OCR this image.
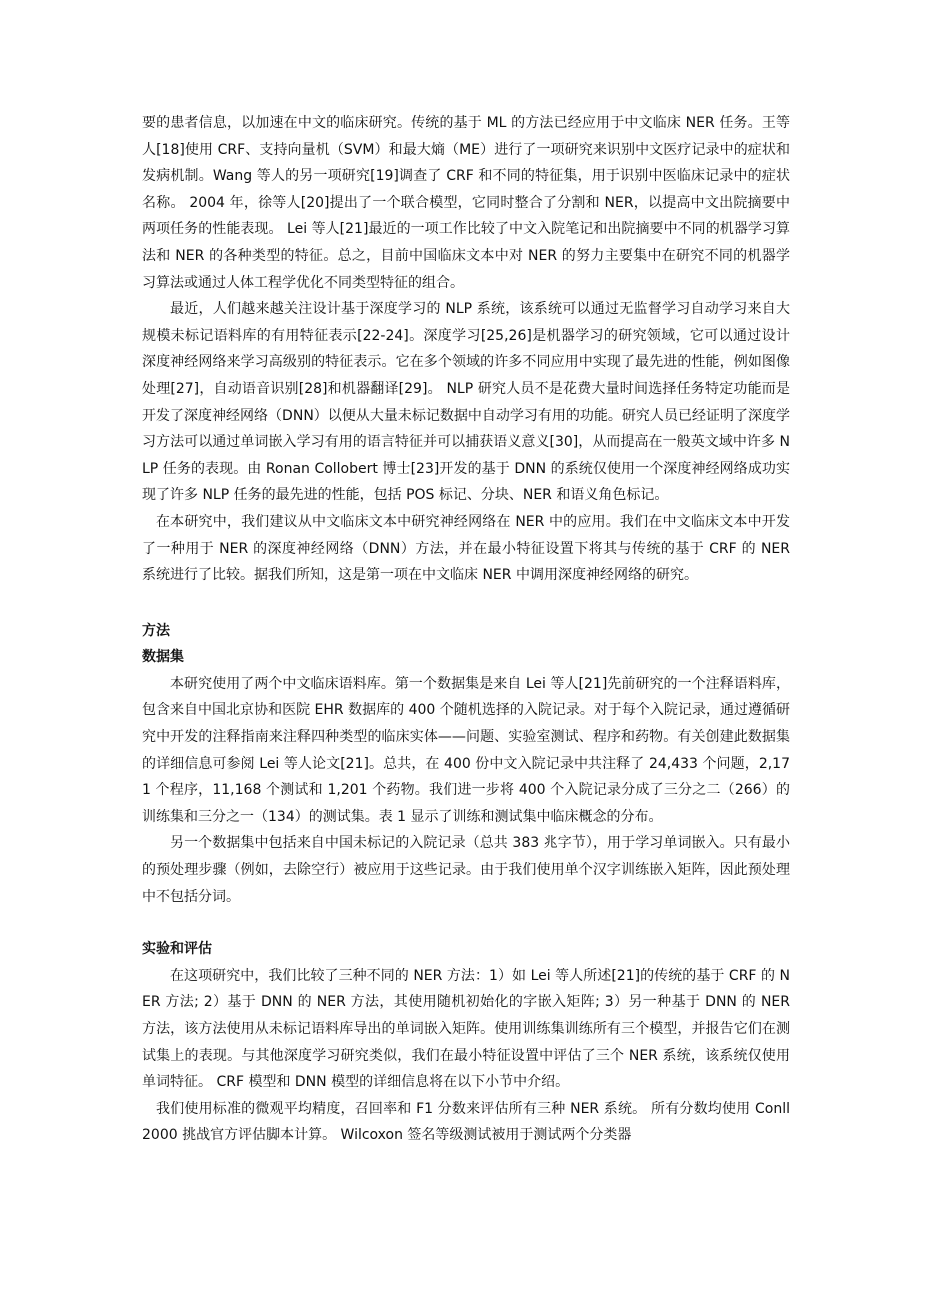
要的患者信息，以加速在中文的临床研究。传统的基于 ML 的方法已经应用于中文临床 NER 任务。王等人[18]使用 CRF、支持向量机（SVM）和最大熵（ME）进行了一项研究来识别中文医疗记录中的症状和发病机制。Wang 等人的另一项研究[19]调查了 CRF 和不同的特征集，用于识别中医临床记录中的症状名称。 2004 年，徐等人[20]提出了一个联合模型，它同时整合了分割和 NER，以提高中文出院摘要中两项任务的性能表现。 Lei 等人[21]最近的一项工作比较了中文入院笔记和出院摘要中不同的机器学习算法和 NER 的各种类型的特征。总之，目前中国临床文本中对 NER 的努力主要集中在研究不同的机器学习算法或通过人体工程学优化不同类型特征的组合。

最近，人们越来越关注设计基于深度学习的 NLP 系统，该系统可以通过无监督学习自动学习来自大规模未标记语料库的有用特征表示[22-24]。深度学习[25,26]是机器学习的研究领域，它可以通过设计深度神经网络来学习高级别的特征表示。它在多个领域的许多不同应用中实现了最先进的性能，例如图像处理[27]，自动语音识别[28]和机器翻译[29]。 NLP 研究人员不是花费大量时间选择任务特定功能而是开发了深度神经网络（DNN）以便从大量未标记数据中自动学习有用的功能。研究人员已经证明了深度学习方法可以通过单词嵌入学习有用的语言特征并可以捕获语义意义[30]，从而提高在一般英文域中许多 NLP 任务的表现。由 Ronan Collobert 博士[23]开发的基于 DNN 的系统仅使用一个深度神经网络成功实现了许多 NLP 任务的最先进的性能，包括 POS 标记、分块、NER 和语义角色标记。

在本研究中，我们建议从中文临床文本中研究神经网络在 NER 中的应用。我们在中文临床文本中开发了一种用于 NER 的深度神经网络（DNN）方法，并在最小特征设置下将其与传统的基于 CRF 的 NER 系统进行了比较。据我们所知，这是第一项在中文临床 NER 中调用深度神经网络的研究。

方法
数据集

本研究使用了两个中文临床语料库。第一个数据集是来自 Lei 等人[21]先前研究的一个注释语料库，包含来自中国北京协和医院 EHR 数据库的 400 个随机选择的入院记录。对于每个入院记录，通过遵循研究中开发的注释指南来注释四种类型的临床实体——问题、实验室测试、程序和药物。有关创建此数据集的详细信息可参阅 Lei 等人论文[21]。总共，在 400 份中文入院记录中共注释了 24,433 个问题，2,171 个程序，11,168 个测试和 1,201 个药物。我们进一步将 400 个入院记录分成了三分之二（266）的训练集和三分之一（134）的测试集。表 1 显示了训练和测试集中临床概念的分布。

另一个数据集中包括来自中国未标记的入院记录（总共 383 兆字节），用于学习单词嵌入。只有最小的预处理步骤（例如，去除空行）被应用于这些记录。由于我们使用单个汉字训练嵌入矩阵，因此预处理中不包括分词。

实验和评估

在这项研究中，我们比较了三种不同的 NER 方法：1）如 Lei 等人所述[21]的传统的基于 CRF 的 NER 方法; 2）基于 DNN 的 NER 方法，其使用随机初始化的字嵌入矩阵; 3）另一种基于 DNN 的 NER 方法，该方法使用从未标记语料库导出的单词嵌入矩阵。使用训练集训练所有三个模型，并报告它们在测试集上的表现。与其他深度学习研究类似，我们在最小特征设置中评估了三个 NER 系统，该系统仅使用单词特征。 CRF 模型和 DNN 模型的详细信息将在以下小节中介绍。

我们使用标准的微观平均精度，召回率和 F1 分数来评估所有三种 NER 系统。 所有分数均使用 Conll 2000 挑战官方评估脚本计算。 Wilcoxon 签名等级测试被用于测试两个分类器
